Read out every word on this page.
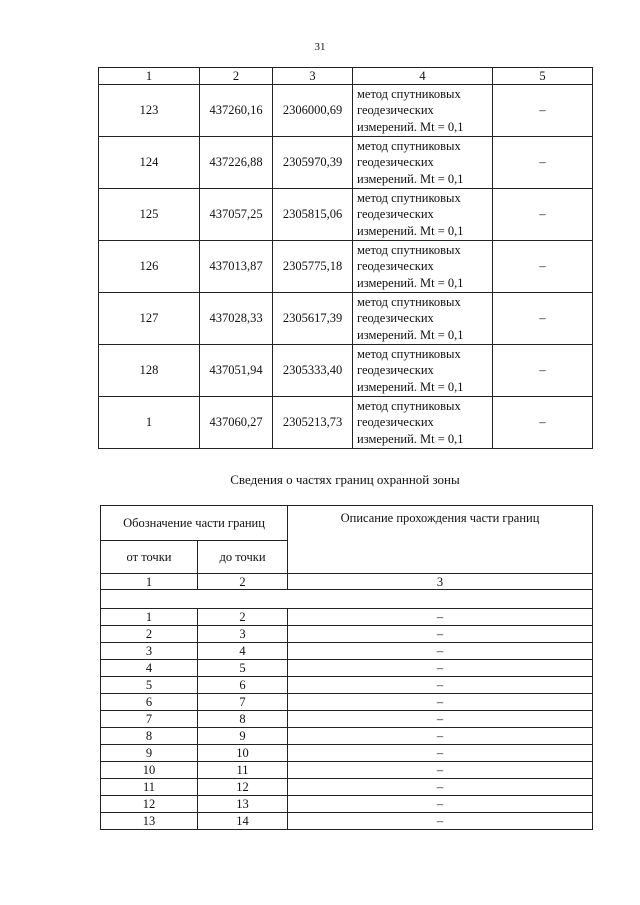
31
1	2	3	4	5
123	437260,16	2306000,69	метод спутниковых
геодезических
измерений. Mt = 0,1	–
124	437226,88	2305970,39	метод спутниковых
геодезических
измерений. Mt = 0,1	–
125	437057,25	2305815,06	метод спутниковых
геодезических
измерений. Mt = 0,1	–
126	437013,87	2305775,18	метод спутниковых
геодезических
измерений. Mt = 0,1	–
127	437028,33	2305617,39	метод спутниковых
геодезических
измерений. Mt = 0,1	–
128	437051,94	2305333,40	метод спутниковых
геодезических
измерений. Mt = 0,1	–
1	437060,27	2305213,73	метод спутниковых
геодезических
измерений. Mt = 0,1	–
Сведения о частях границ охранной зоны
Обозначение части границ		Описание прохождения части границ
от точки	до точки	
1	2	3

1	2	–
2	3	–
3	4	–
4	5	–
5	6	–
6	7	–
7	8	–
8	9	–
9	10	–
10	11	–
11	12	–
12	13	–
13	14	–
